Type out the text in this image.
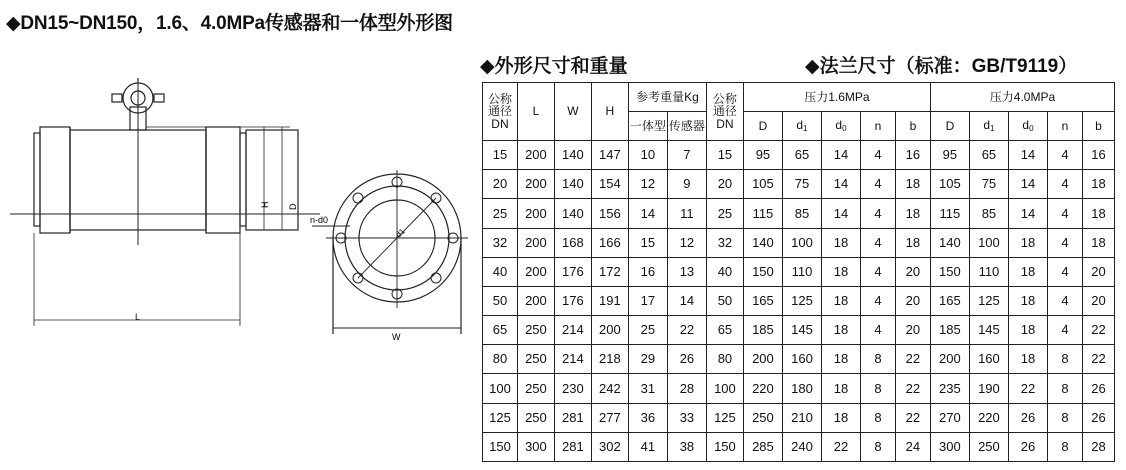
◆DN15~DN150，1.6、4.0MPa传感器和一体型外形图
◆外形尺寸和重量	◆法兰尺寸（标准：GB/T9119）
L
H D
n-d0
d1
W
公称
通径
DN	L	W	H	参考重量Kg		公称
通径
DN	压力1.6MPa					压力4.0MPa				
				一体型	传感器		D	$d_1$	$d_0$	n	b	D	$d_1$	$d_0$	n	b
15	200	140	147	10	7	15	95	65	14	4	16	95	65	14	4	16
20	200	140	154	12	9	20	105	75	14	4	18	105	75	14	4	18
25	200	140	156	14	11	25	115	85	14	4	18	115	85	14	4	18
32	200	168	166	15	12	32	140	100	18	4	18	140	100	18	4	18
40	200	176	172	16	13	40	150	110	18	4	20	150	110	18	4	20
50	200	176	191	17	14	50	165	125	18	4	20	165	125	18	4	20
65	250	214	200	25	22	65	185	145	18	4	20	185	145	18	4	22
80	250	214	218	29	26	80	200	160	18	8	22	200	160	18	8	22
100	250	230	242	31	28	100	220	180	18	8	22	235	190	22	8	26
125	250	281	277	36	33	125	250	210	18	8	22	270	220	26	8	26
150	300	281	302	41	38	150	285	240	22	8	24	300	250	26	8	28
